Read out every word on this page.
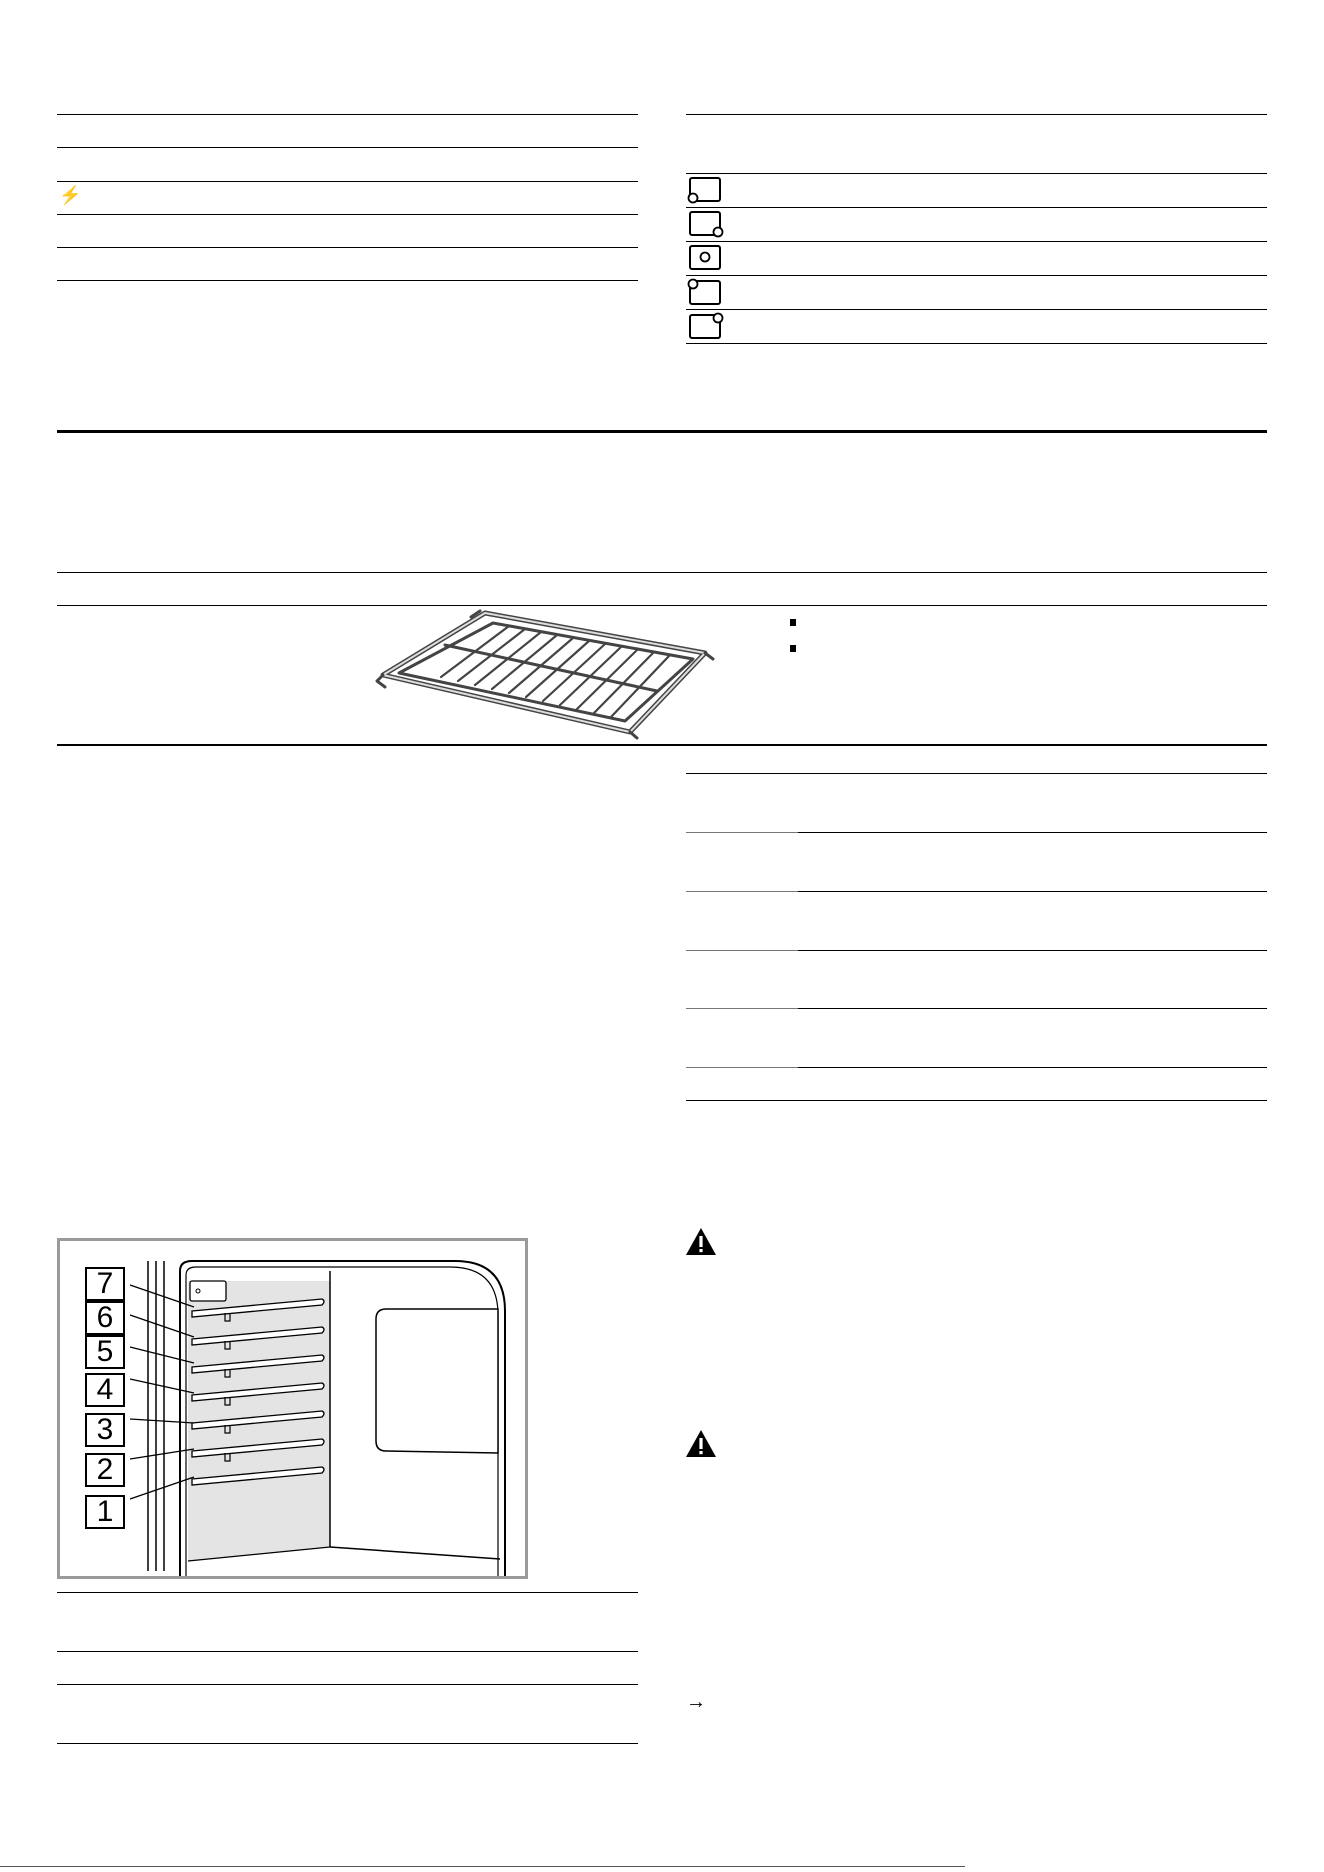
⚡
7
6
5
4
3
2
1
→
